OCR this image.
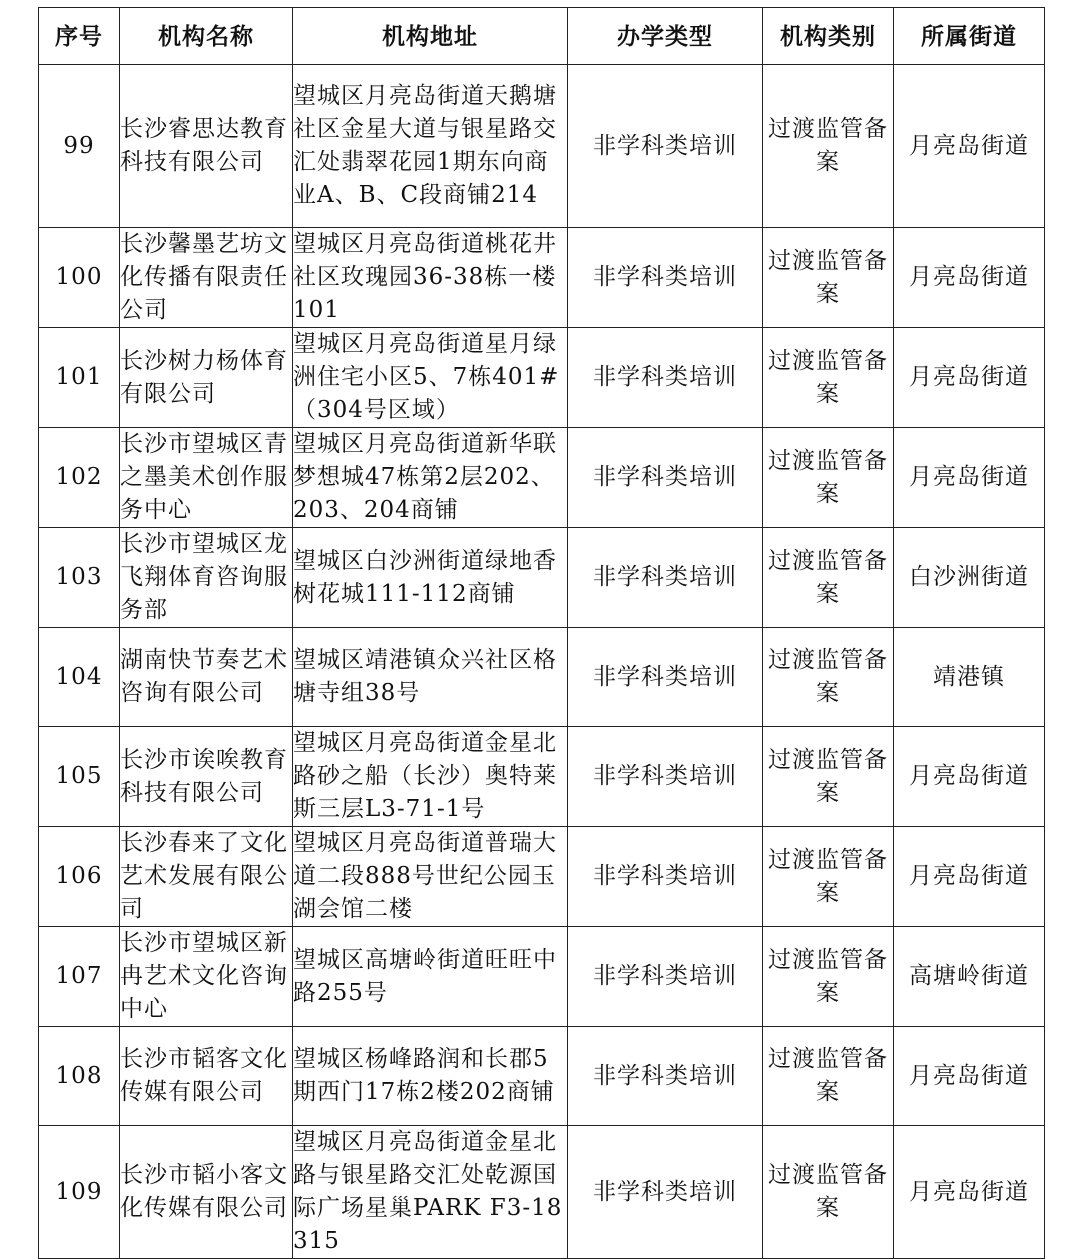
序号	机构名称	机构地址	办学类型	机构类别	所属街道

99	长沙睿思达教育科技有限公司	望城区月亮岛街道天鹅塘社区金星大道与银星路交汇处翡翠花园1期东向商业A、B、C段商铺214	非学科类培训	过渡监管备案	月亮岛街道

100	长沙馨墨艺坊文化传播有限责任公司	望城区月亮岛街道桃花井社区玫瑰园36-38栋一楼101	非学科类培训	过渡监管备案	月亮岛街道

101	长沙树力杨体育有限公司	望城区月亮岛街道星月绿洲住宅小区5、7栋401#（304号区域）	非学科类培训	过渡监管备案	月亮岛街道

102	长沙市望城区青之墨美术创作服务中心	望城区月亮岛街道新华联梦想城47栋第2层202、203、204商铺	非学科类培训	过渡监管备案	月亮岛街道

103	长沙市望城区龙飞翔体育咨询服务部	望城区白沙洲街道绿地香树花城111-112商铺	非学科类培训	过渡监管备案	白沙洲街道

104	湖南快节奏艺术咨询有限公司	望城区靖港镇众兴社区格塘寺组38号	非学科类培训	过渡监管备案	靖港镇

105	长沙市诶唉教育科技有限公司	望城区月亮岛街道金星北路砂之船（长沙）奥特莱斯三层L3-71-1号	非学科类培训	过渡监管备案	月亮岛街道

106	长沙春来了文化艺术发展有限公司	望城区月亮岛街道普瑞大道二段888号世纪公园玉湖会馆二楼	非学科类培训	过渡监管备案	月亮岛街道

107	长沙市望城区新冉艺术文化咨询中心	望城区高塘岭街道旺旺中路255号	非学科类培训	过渡监管备案	高塘岭街道

108	长沙市韬客文化传媒有限公司	望城区杨峰路润和长郡5期西门17栋2楼202商铺	非学科类培训	过渡监管备案	月亮岛街道

109	长沙市韬小客文化传媒有限公司	望城区月亮岛街道金星北路与银星路交汇处乾源国际广场星巢PARK F3-18315	非学科类培训	过渡监管备案	月亮岛街道
